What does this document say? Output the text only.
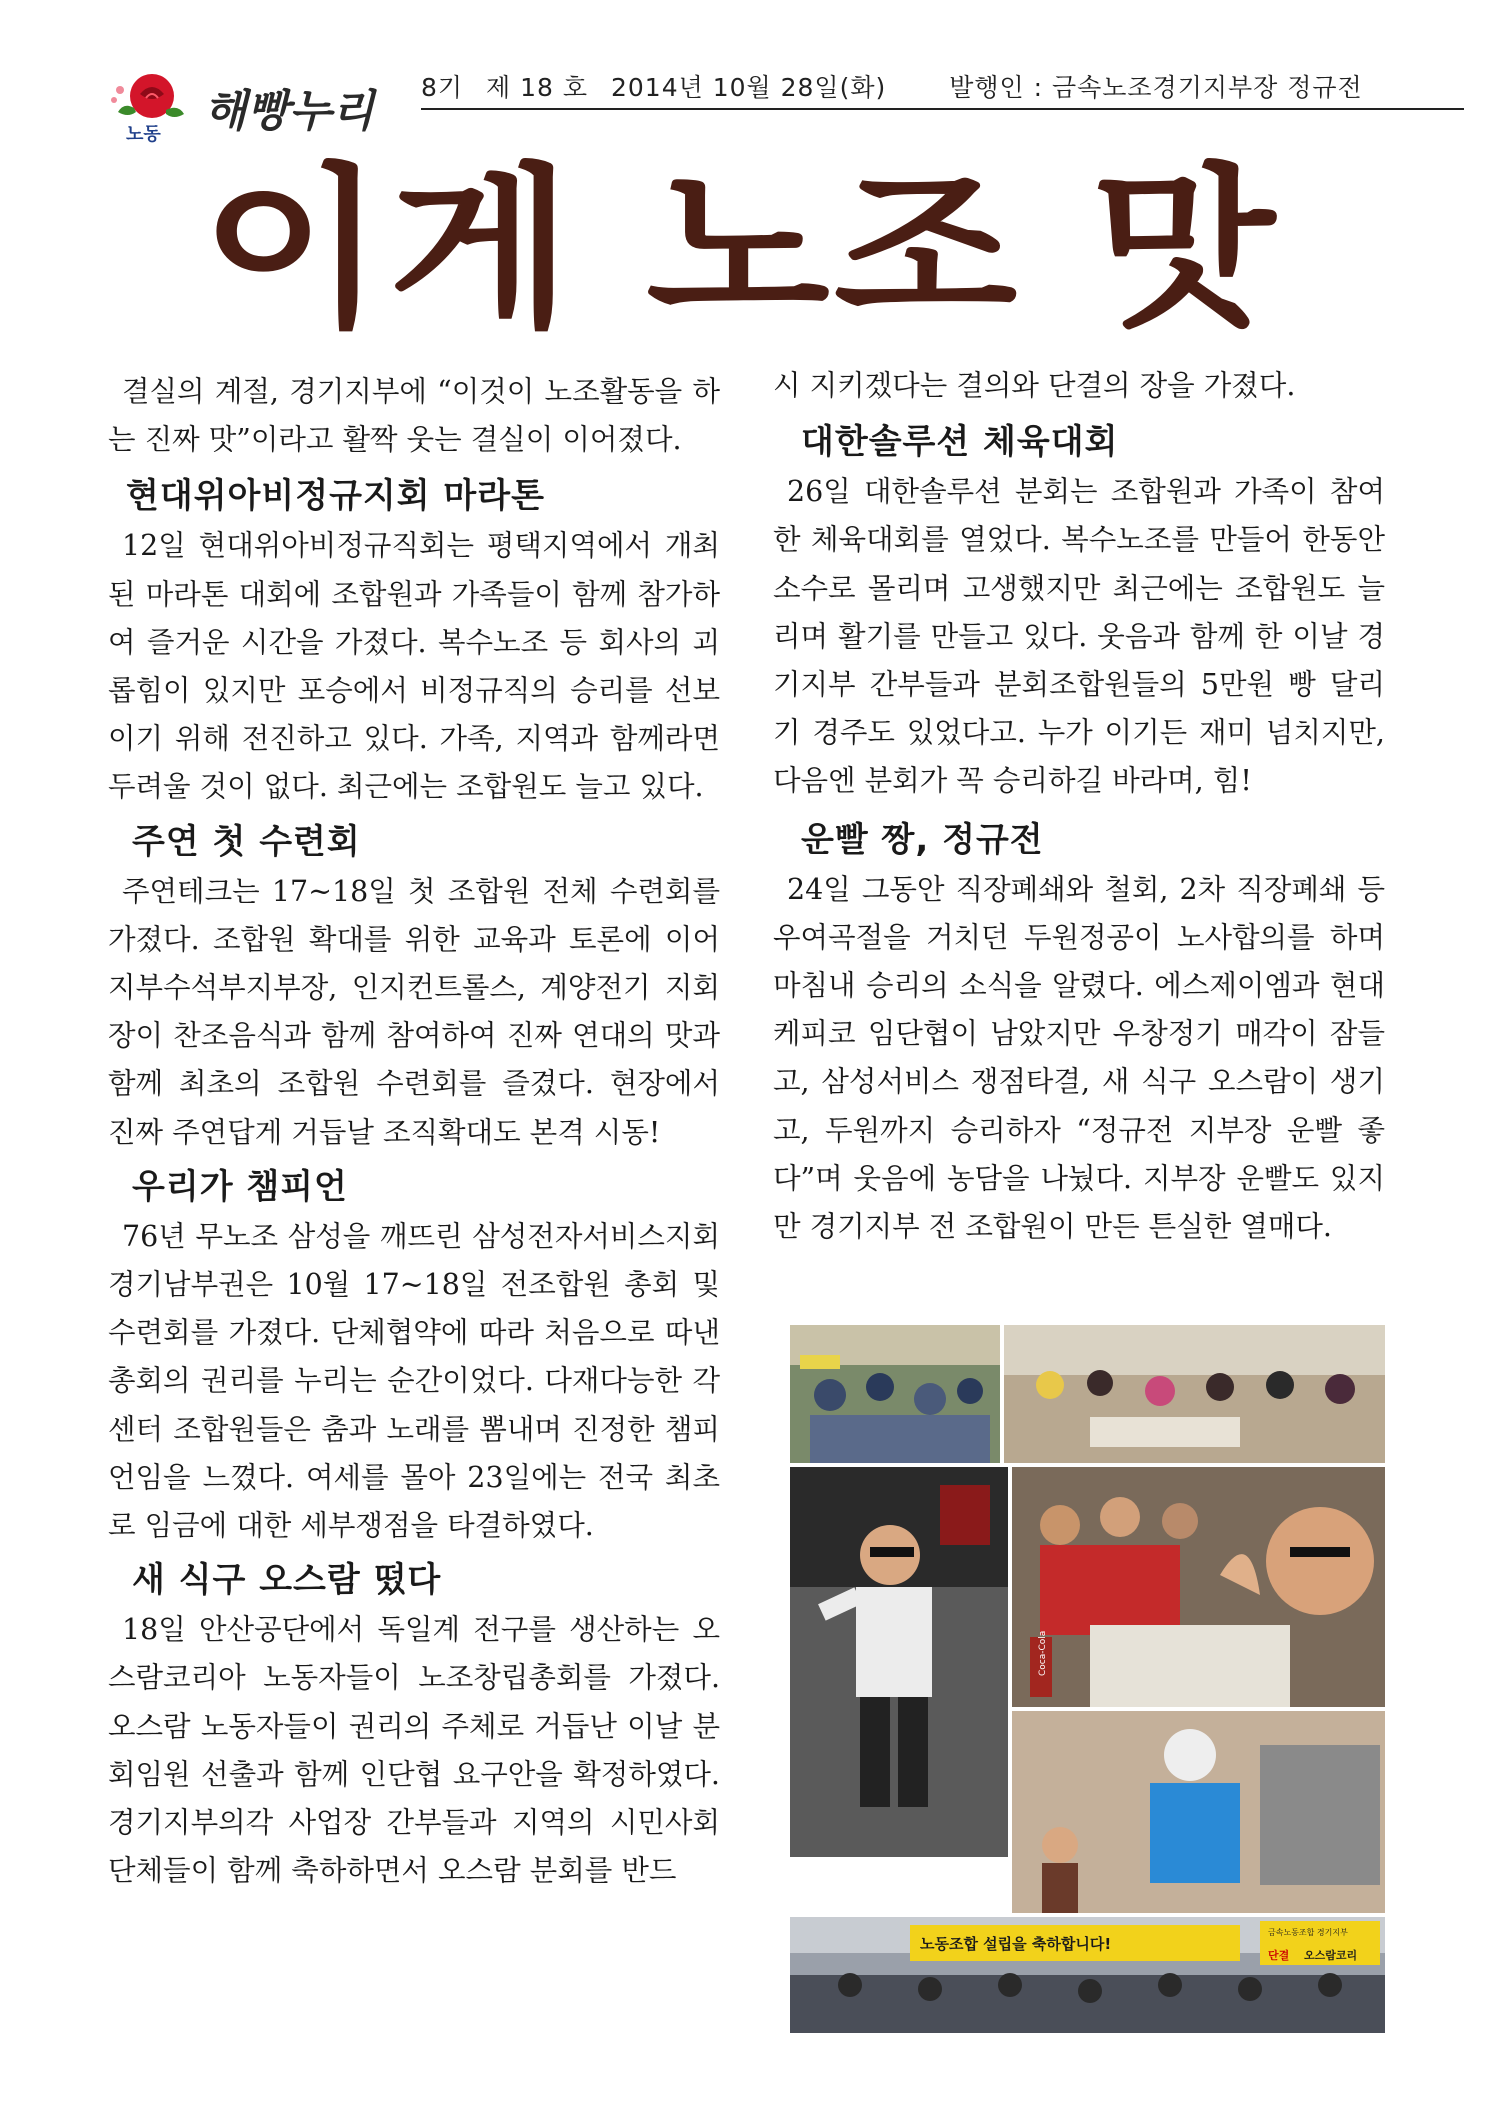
노동 해빵누리 8기 제 18 호 2014년 10월 28일(화)	발행인 : 금속노조경기지부장 정규전
이게 노조 맛

결실의 계절, 경기지부에 “이것이 노조활동을 하는 진짜 맛”이라고 활짝 웃는 결실이 이어졌다.

현대위아비정규지회 마라톤

12일 현대위아비정규직회는 평택지역에서 개최된 마라톤 대회에 조합원과 가족들이 함께 참가하여 즐거운 시간을 가졌다. 복수노조 등 회사의 괴롭힘이 있지만 포승에서 비정규직의 승리를 선보이기 위해 전진하고 있다. 가족, 지역과 함께라면 두려울 것이 없다. 최근에는 조합원도 늘고 있다.

주연 첫 수련회

주연테크는 17~18일 첫 조합원 전체 수련회를 가졌다. 조합원 확대를 위한 교육과 토론에 이어 지부수석부지부장, 인지컨트롤스, 계양전기 지회장이 찬조음식과 함께 참여하여 진짜 연대의 맛과 함께 최초의 조합원 수련회를 즐겼다. 현장에서 진짜 주연답게 거듭날 조직확대도 본격 시동!

우리가 챔피언

76년 무노조 삼성을 깨뜨린 삼성전자서비스지회 경기남부권은 10월 17~18일 전조합원 총회 및 수련회를 가졌다. 단체협약에 따라 처음으로 따낸 총회의 권리를 누리는 순간이었다. 다재다능한 각 센터 조합원들은 춤과 노래를 뽐내며 진정한 챔피언임을 느꼈다. 여세를 몰아 23일에는 전국 최초로 임금에 대한 세부쟁점을 타결하였다.

새 식구 오스람 떴다

18일 안산공단에서 독일계 전구를 생산하는 오스람코리아 노동자들이 노조창립총회를 가졌다. 오스람 노동자들이 권리의 주체로 거듭난 이날 분회임원 선출과 함께 인단협 요구안을 확정하였다. 경기지부의각 사업장 간부들과 지역의 시민사회단체들이 함께 축하하면서 오스람 분회를 반드

시 지키겠다는 결의와 단결의 장을 가졌다.

대한솔루션 체육대회

26일 대한솔루션 분회는 조합원과 가족이 참여한 체육대회를 열었다. 복수노조를 만들어 한동안 소수로 몰리며 고생했지만 최근에는 조합원도 늘리며 활기를 만들고 있다. 웃음과 함께 한 이날 경기지부 간부들과 분회조합원들의 5만원 빵 달리기 경주도 있었다고. 누가 이기든 재미 넘치지만, 다음엔 분회가 꼭 승리하길 바라며, 힘!

운빨 짱, 정규전

24일 그동안 직장폐쇄와 철회, 2차 직장폐쇄 등 우여곡절을 거치던 두원정공이 노사합의를 하며 마침내 승리의 소식을 알렸다. 에스제이엠과 현대케피코 임단협이 남았지만 우창정기 매각이 잠들고, 삼성서비스 쟁점타결, 새 식구 오스람이 생기고, 두원까지 승리하자 “정규전 지부장 운빨 좋다”며 웃음에 농담을 나눴다. 지부장 운빨도 있지만 경기지부 전 조합원이 만든 튼실한 열매다.

Coca-Cola
노동조합 설립을 축하합니다!
금속노동조합 경기지부
단결 오스람코리
